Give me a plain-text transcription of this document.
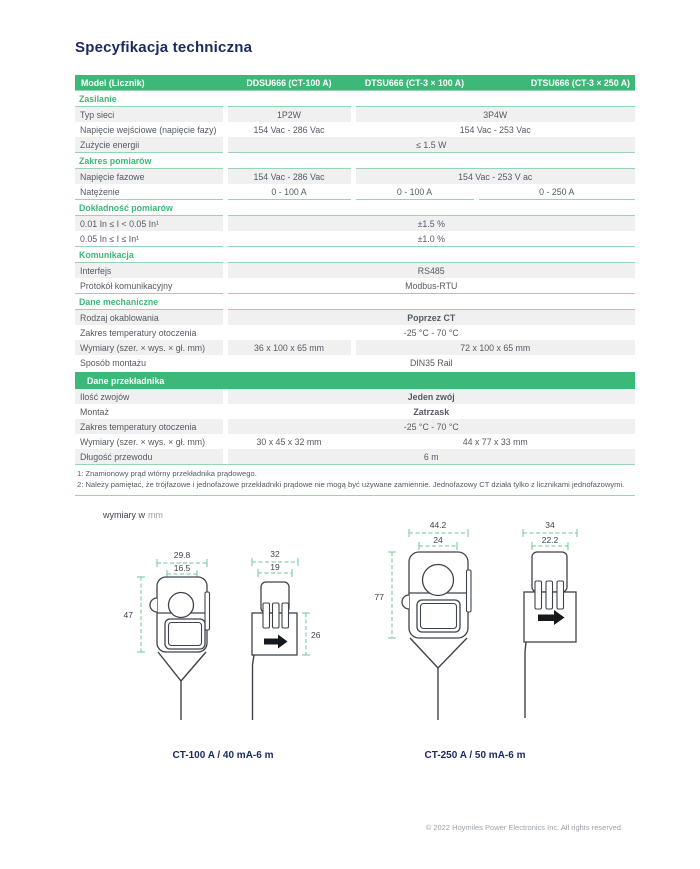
Specyfikacja techniczna
Model (Licznik)	DDSU666 (CT-100 A)	DTSU666 (CT-3 × 100 A)	DTSU666 (CT-3 × 250 A)
Zasilanie			
Typ sieci	1P2W	3P4W	
Napięcie wejściowe (napięcie fazy)	154 Vac - 286 Vac	154 Vac - 253 Vac	
Zużycie energii	≤ 1.5 W		
Zakres pomiarów			
Napięcie fazowe	154 Vac - 286 Vac	154 Vac - 253 V ac	
Natężenie	0 - 100 A	0 - 100 A	0 - 250 A
Dokładność pomiarów			
0.01 In ≤ I < 0.05 In¹	±1.5 %		
0.05 In ≤ I ≤ In¹	±1.0 %		
Komunikacja			
Interfejs	RS485		
Protokół komunikacyjny	Modbus-RTU		
Dane mechaniczne			
Rodzaj okablowania	Poprzez CT		
Zakres temperatury otoczenia	-25 °C - 70 °C		
Wymiary (szer. × wys. × gł. mm)	36 x 100 x 65 mm	72 x 100 x 65 mm	
Sposób montażu	DIN35 Rail		
Dane przekładnika			
Ilość zwojów	Jeden zwój		
Montaż	Zatrzask		
Zakres temperatury otoczenia	-25 °C - 70 °C		
Wymiary (szer. × wys. × gł. mm)	30 x 45 x 32 mm	44 x 77 x 33 mm	
Długość przewodu	6 m		
1: Znamionowy prąd wtórny przekładnika prądowego.
2: Należy pamiętać, że trójfazowe i jednofazowe przekładniki prądowe nie mogą być używane zamiennie. Jednofazowy CT działa tylko z licznikami jednofazowymi.
wymiary w mm
29.8
16.5
47
32
19
26
44.2
24
77
34
22.2
CT-100 A / 40 mA-6 m	CT-250 A / 50 mA-6 m
© 2022 Hoymiles Power Electronics Inc. All rights reserved.
